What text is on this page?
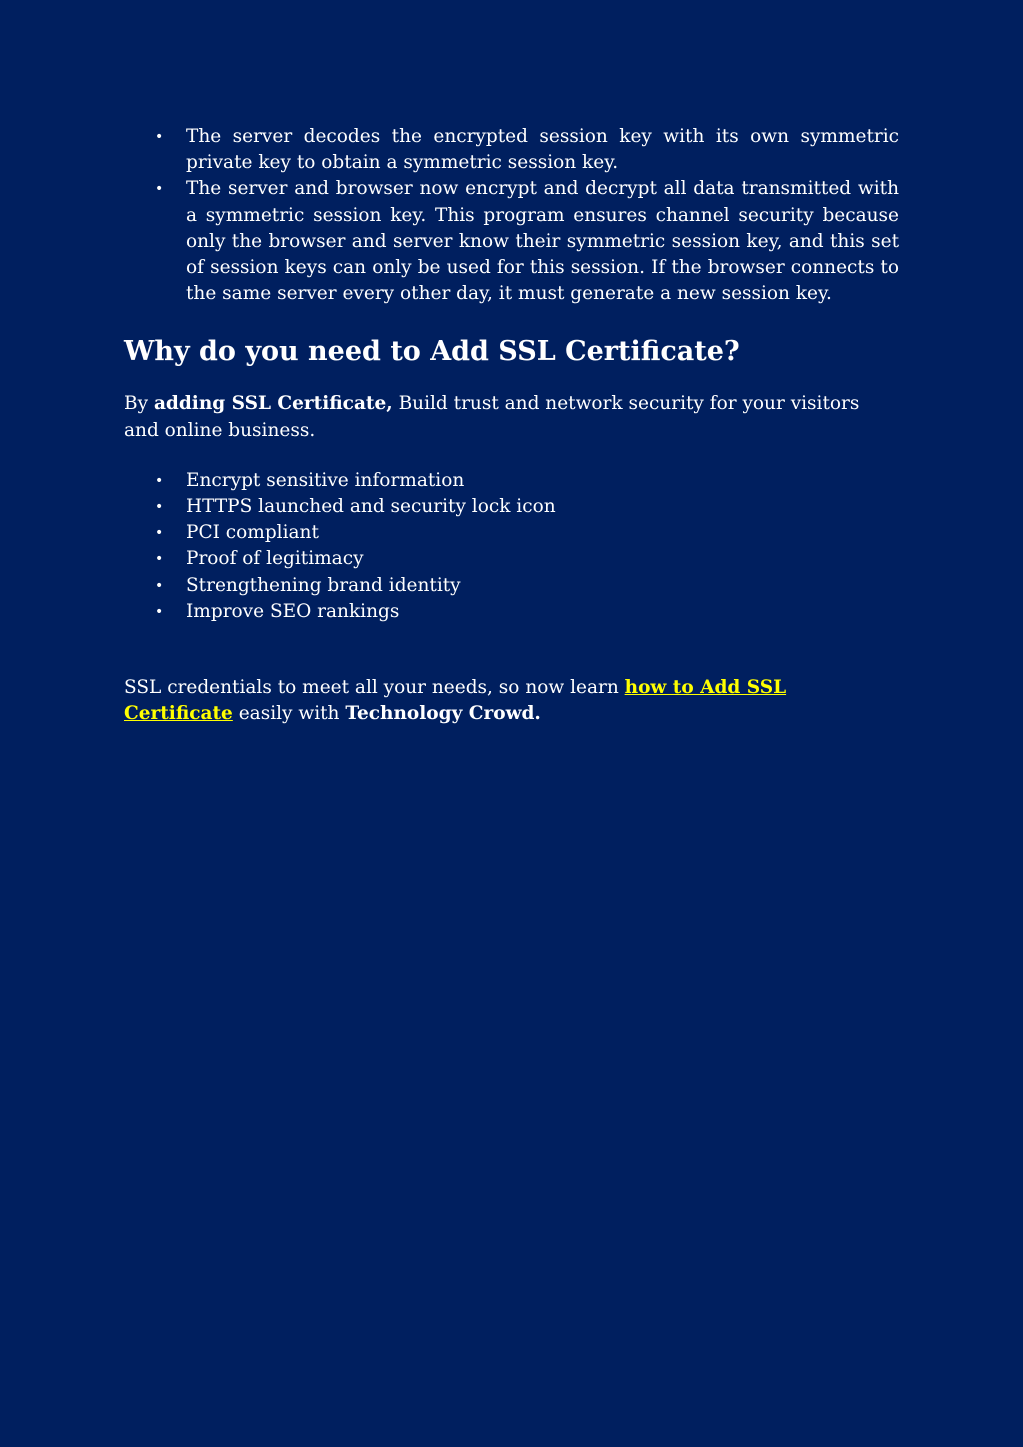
• The server decodes the encrypted session key with its own symmetric private key to obtain a symmetric session key.
• The server and browser now encrypt and decrypt all data transmitted with a symmetric session key. This program ensures channel security because only the browser and server know their symmetric session key, and this set of session keys can only be used for this session. If the browser connects to the same server every other day, it must generate a new session key.
Why do you need to Add SSL Certificate?

By adding SSL Certificate, Build trust and network security for your visitors and online business.

• Encrypt sensitive information
• HTTPS launched and security lock icon
• PCI compliant
• Proof of legitimacy
• Strengthening brand identity
• Improve SEO rankings

SSL credentials to meet all your needs, so now learn how to Add SSL Certificate easily with Technology Crowd.
